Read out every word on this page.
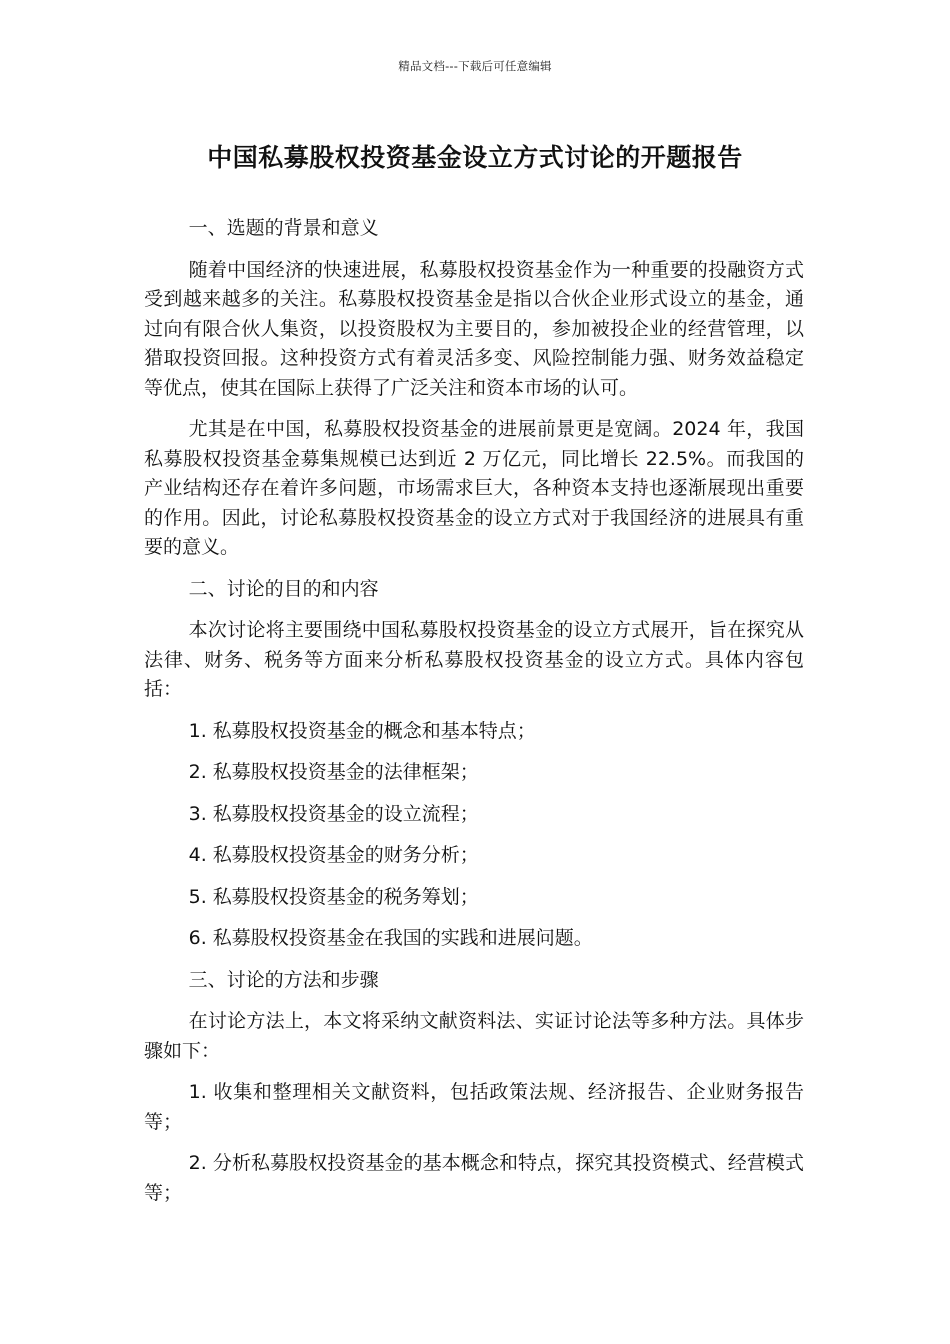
精品文档---下载后可任意编辑
中国私募股权投资基金设立方式讨论的开题报告

一、选题的背景和意义

随着中国经济的快速进展，私募股权投资基金作为一种重要的投融资方式受到越来越多的关注。私募股权投资基金是指以合伙企业形式设立的基金，通过向有限合伙人集资，以投资股权为主要目的，参加被投企业的经营管理，以猎取投资回报。这种投资方式有着灵活多变、风险控制能力强、财务效益稳定等优点，使其在国际上获得了广泛关注和资本市场的认可。

尤其是在中国，私募股权投资基金的进展前景更是宽阔。2024 年，我国私募股权投资基金募集规模已达到近 2 万亿元，同比增长 22.5%。而我国的产业结构还存在着许多问题，市场需求巨大，各种资本支持也逐渐展现出重要的作用。因此，讨论私募股权投资基金的设立方式对于我国经济的进展具有重要的意义。

二、讨论的目的和内容

本次讨论将主要围绕中国私募股权投资基金的设立方式展开，旨在探究从法律、财务、税务等方面来分析私募股权投资基金的设立方式。具体内容包括：

1. 私募股权投资基金的概念和基本特点；

2. 私募股权投资基金的法律框架；

3. 私募股权投资基金的设立流程；

4. 私募股权投资基金的财务分析；

5. 私募股权投资基金的税务筹划；

6. 私募股权投资基金在我国的实践和进展问题。

三、讨论的方法和步骤

在讨论方法上，本文将采纳文献资料法、实证讨论法等多种方法。具体步骤如下：

1. 收集和整理相关文献资料，包括政策法规、经济报告、企业财务报告等；

2. 分析私募股权投资基金的基本概念和特点，探究其投资模式、经营模式等；
